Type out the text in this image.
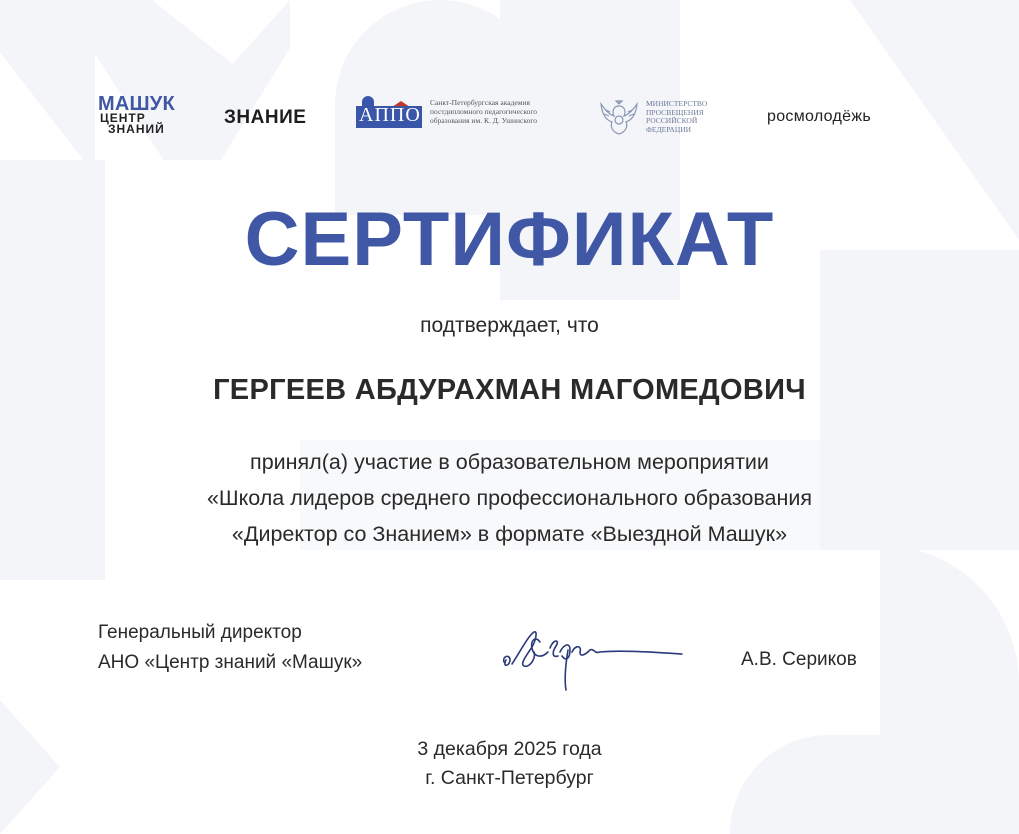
МАШУК
ЦЕНТР
ЗНАНИЙ
ЗНАНИЕ	АППО
Санкт-Петербургская академия постдипломного педагогического образования им. К. Д. Ушинского
МИНИСТЕРСТВО
ПРОСВЕЩЕНИЯ
РОССИЙСКОЙ
ФЕДЕРАЦИИ
росмолодёжь
СЕРТИФИКАТ
подтверждает, что
ГЕРГЕЕВ АБДУРАХМАН МАГОМЕДОВИЧ
принял(а) участие в образовательном мероприятии
«Школа лидеров среднего профессионального образования
«Директор со Знанием» в формате «Выездной Машук»
Генеральный директор
АНО «Центр знаний «Машук»	А.В. Сериков
3 декабря 2025 года
г. Санкт-Петербург
